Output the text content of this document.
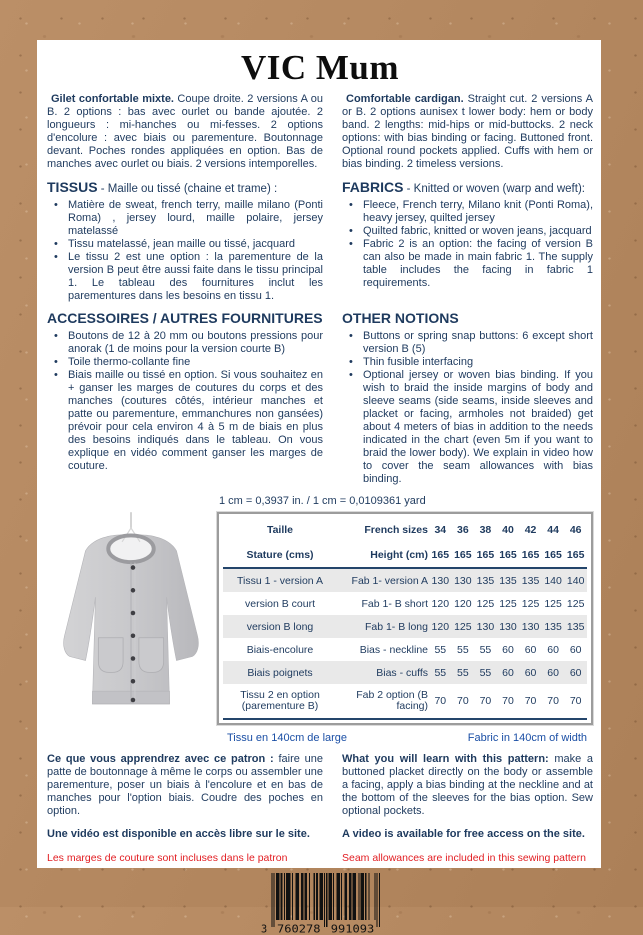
VIC Mum

Gilet confortable mixte. Coupe droite. 2 versions A ou B. 2 options : bas avec ourlet ou bande ajoutée. 2 longueurs : mi-hanches ou mi-fesses. 2 options d'encolure : avec biais ou parementure. Boutonnage devant. Poches rondes appliquées en option. Bas de manches avec ourlet ou biais. 2 versions intemporelles.

Comfortable cardigan. Straight cut. 2 versions A or B. 2 options aunisex t lower body: hem or body band. 2 lengths: mid-hips or mid-buttocks. 2 neck options: with bias binding or facing. Buttoned front. Optional round pockets applied. Cuffs with hem or bias binding. 2 timeless versions.

TISSUS - Maille ou tissé (chaine et trame) :

• Matière de sweat, french terry, maille milano (Ponti Roma) , jersey lourd, maille polaire, jersey matelassé
• Tissu matelassé, jean maille ou tissé, jacquard
• Le tissu 2 est une option : la parementure de la version B peut être aussi faite dans le tissu principal 1. Le tableau des fournitures inclut les parementures dans les besoins en tissu 1.

FABRICS - Knitted or woven (warp and weft):

• Fleece, French terry, Milano knit (Ponti Roma), heavy jersey, quilted jersey
• Quilted fabric, knitted or woven jeans, jacquard
• Fabric 2 is an option: the facing of version B can also be made in main fabric 1. The supply table includes the facing in fabric 1 requirements.

ACCESSOIRES / AUTRES FOURNITURES

• Boutons de 12 à 20 mm ou boutons pressions pour anorak (1 de moins pour la version courte B)
• Toile thermo-collante fine
• Biais maille ou tissé en option. Si vous souhaitez en + ganser les marges de coutures du corps et des manches (coutures côtés, intérieur manches et patte ou parementure, emmanchures non gansées) prévoir pour cela environ 4 à 5 m de biais en plus des besoins indiqués dans le tableau. On vous explique en vidéo comment ganser les marges de couture.

OTHER NOTIONS

• Buttons or spring snap buttons: 6 except short version B (5)
• Thin fusible interfacing
• Optional jersey or woven bias binding. If you wish to braid the inside margins of body and sleeve seams (side seams, inside sleeves and placket or facing, armholes not braided) get about 4 meters of bias in addition to the needs indicated in the chart (even 5m if you want to braid the lower body). We explain in video how to cover the seam allowances with bias binding.

1 cm = 0,3937 in. / 1 cm = 0,0109361 yard

Taille	French sizes	34	36	38	40	42	44	46
Stature (cms)	Height (cm)	165	165	165	165	165	165	165
Tissu 1 - version A	Fab 1- version A	130	130	135	135	135	140	140
version B court	Fab 1- B short	120	120	125	125	125	125	125
version B long	Fab 1- B long	120	125	130	130	130	135	135
Biais-encolure	Bias - neckline	55	55	55	60	60	60	60
Biais poignets	Bias - cuffs	55	55	55	60	60	60	60
Tissu 2 en option (parementure B)	Fab 2 option (B facing)	70	70	70	70	70	70	70
Tissu en 140cm de large	Fabric in 140cm of width

Ce que vous apprendrez avec ce patron : faire une patte de boutonnage à même le corps ou assembler une parementure, poser un biais à l'encolure et en bas de manches pour l'option biais. Coudre des poches en option.

What you will learn with this pattern: make a buttoned placket directly on the body or assemble a facing, apply a bias binding at the neckline and at the bottom of the sleeves for the bias option. Sew optional pockets.

Une vidéo est disponible en accès libre sur le site.	A video is available for free access on the site.

Les marges de couture sont incluses dans le patron	Seam allowances are included in this sewing pattern

3 760278 991093
